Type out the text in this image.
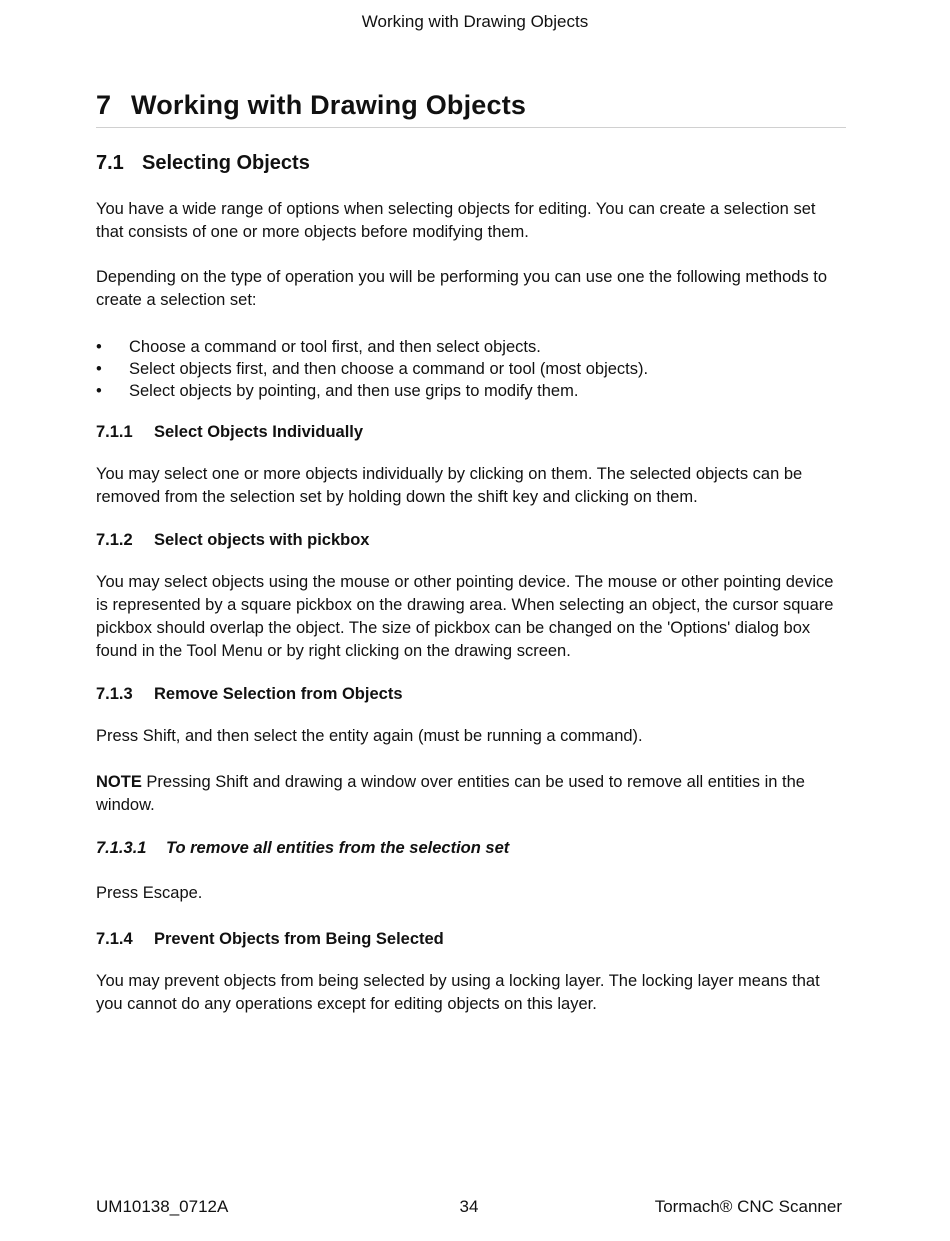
Working with Drawing Objects
7 Working with Drawing Objects
7.1 Selecting Objects

You have a wide range of options when selecting objects for editing. You can create a selection set that consists of one or more objects before modifying them.

Depending on the type of operation you will be performing you can use one the following methods to create a selection set:

• Choose a command or tool first, and then select objects.
• Select objects first, and then choose a command or tool (most objects).
• Select objects by pointing, and then use grips to modify them.
7.1.1 Select Objects Individually

You may select one or more objects individually by clicking on them. The selected objects can be removed from the selection set by holding down the shift key and clicking on them.

7.1.2 Select objects with pickbox

You may select objects using the mouse or other pointing device. The mouse or other pointing device is represented by a square pickbox on the drawing area. When selecting an object, the cursor square pickbox should overlap the object. The size of pickbox can be changed on the 'Options' dialog box found in the Tool Menu or by right clicking on the drawing screen.

7.1.3 Remove Selection from Objects

Press Shift, and then select the entity again (must be running a command).

NOTE Pressing Shift and drawing a window over entities can be used to remove all entities in the window.

7.1.3.1 To remove all entities from the selection set

Press Escape.

7.1.4 Prevent Objects from Being Selected

You may prevent objects from being selected by using a locking layer. The locking layer means that you cannot do any operations except for editing objects on this layer.

UM10138_0712A	34	Tormach® CNC Scanner
